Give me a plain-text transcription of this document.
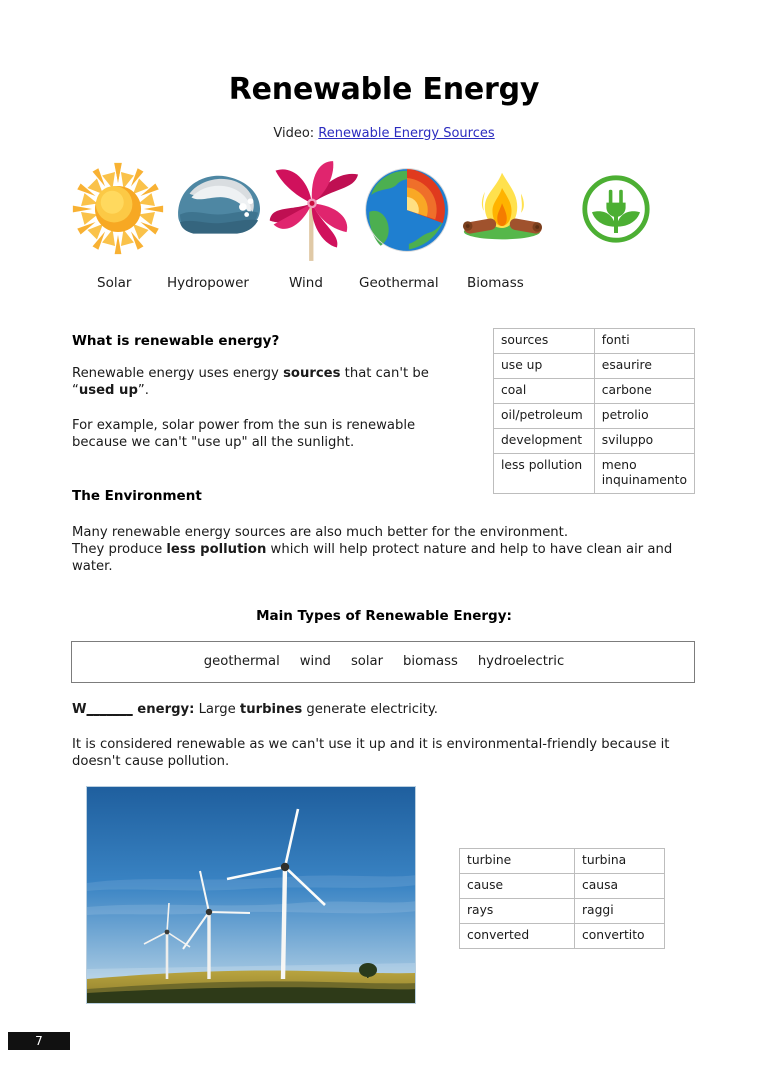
Renewable Energy
Video: Renewable Energy Sources
Solar	Hydropower	Wind	Geothermal Biomass
What is renewable energy?
Renewable energy uses energy sources that can't be “used up”.
For example, solar power from the sun is renewable because we can't "use up" all the sunlight.
sources	fonti
use up	esaurire
coal	carbone
oil/petroleum	petrolio
development	sviluppo
less pollution	meno inquinamento
The Environment
Many renewable energy sources are also much better for the environment.
They produce less pollution which will help protect nature and help to have clean air and water.
Main Types of Renewable Energy:
geothermal wind solar biomass hydroelectric
W_______ energy: Large turbines generate electricity.
It is considered renewable as we can't use it up and it is environmental-friendly because it doesn't cause pollution.
turbine	turbina
cause	causa
rays	raggi
converted	convertito
7
